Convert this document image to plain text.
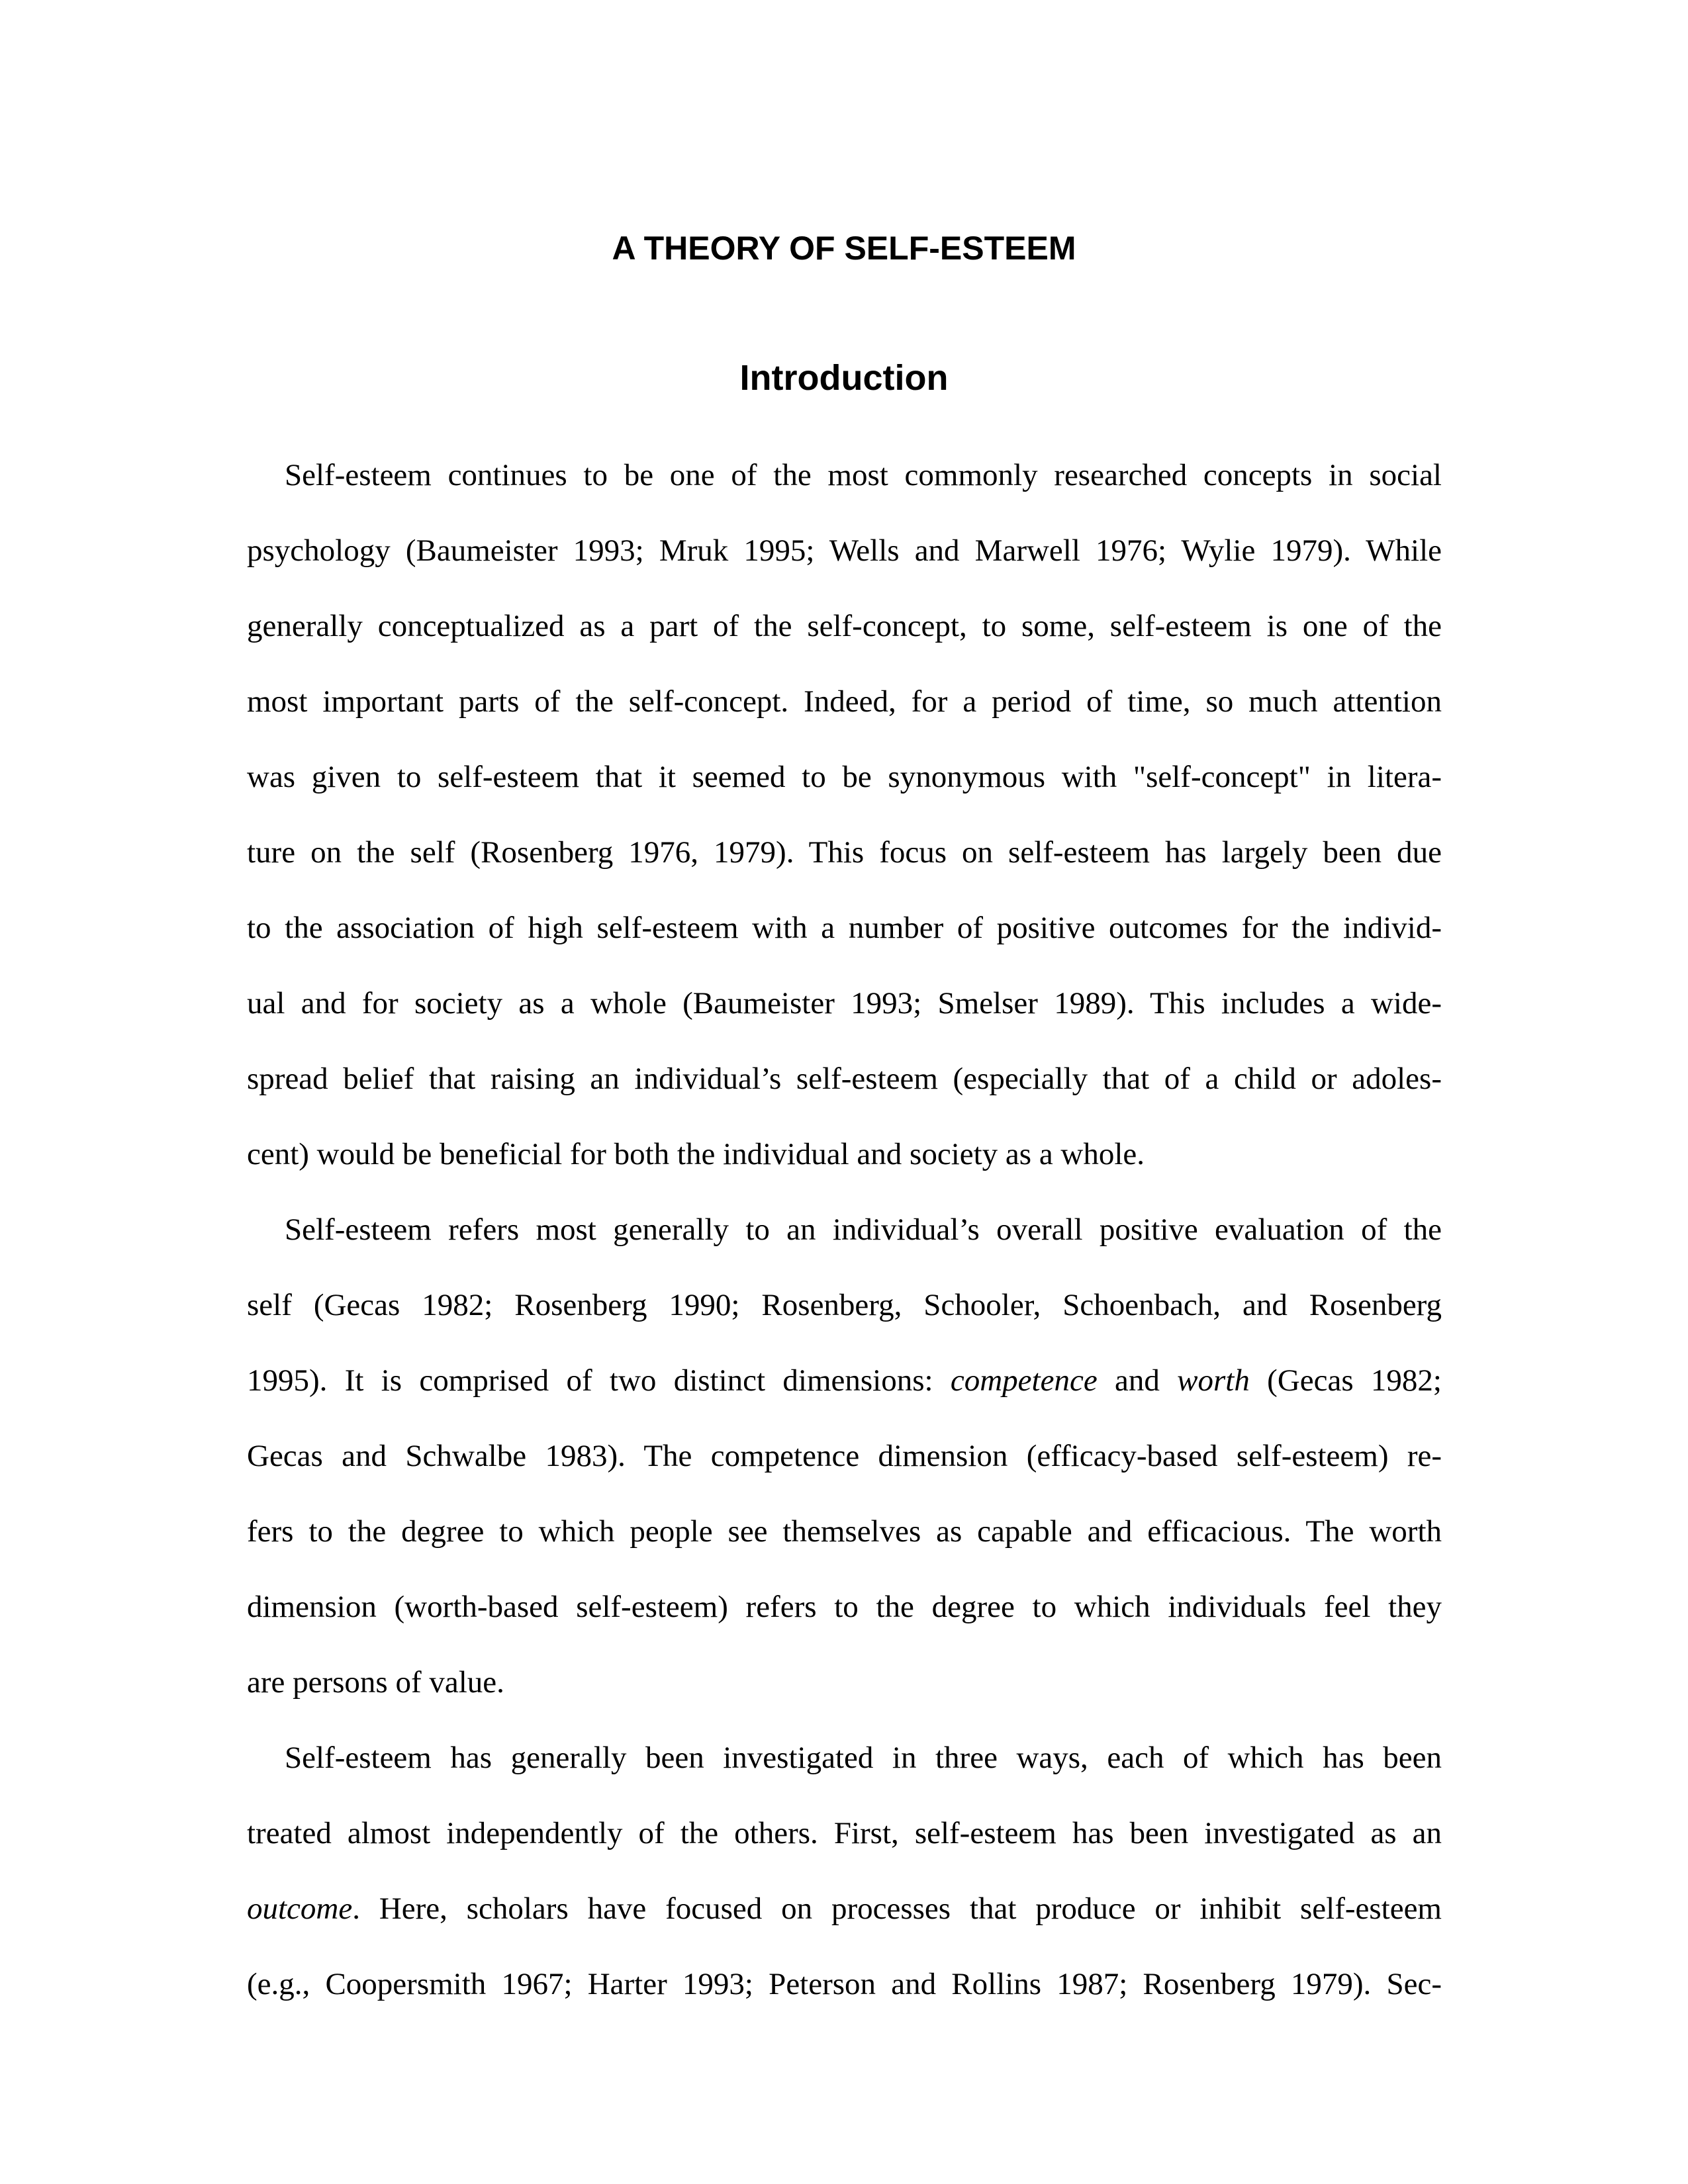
A THEORY OF SELF-ESTEEM
Introduction

Self-esteem continues to be one of the most commonly researched concepts in social

psychology (Baumeister 1993; Mruk 1995; Wells and Marwell 1976; Wylie 1979). While

generally conceptualized as a part of the self-concept, to some, self-esteem is one of the

most important parts of the self-concept. Indeed, for a period of time, so much attention

was given to self-esteem that it seemed to be synonymous with "self-concept" in litera-

ture on the self (Rosenberg 1976, 1979). This focus on self-esteem has largely been due

to the association of high self-esteem with a number of positive outcomes for the individ-

ual and for society as a whole (Baumeister 1993; Smelser 1989). This includes a wide-

spread belief that raising an individual’s self-esteem (especially that of a child or adoles-

cent) would be beneficial for both the individual and society as a whole.

Self-esteem refers most generally to an individual’s overall positive evaluation of the

self (Gecas 1982; Rosenberg 1990; Rosenberg, Schooler, Schoenbach, and Rosenberg

1995). It is comprised of two distinct dimensions: competence and worth (Gecas 1982;

Gecas and Schwalbe 1983). The competence dimension (efficacy-based self-esteem) re-

fers to the degree to which people see themselves as capable and efficacious. The worth

dimension (worth-based self-esteem) refers to the degree to which individuals feel they

are persons of value.

Self-esteem has generally been investigated in three ways, each of which has been

treated almost independently of the others. First, self-esteem has been investigated as an

outcome. Here, scholars have focused on processes that produce or inhibit self-esteem

(e.g., Coopersmith 1967; Harter 1993; Peterson and Rollins 1987; Rosenberg 1979). Sec-
